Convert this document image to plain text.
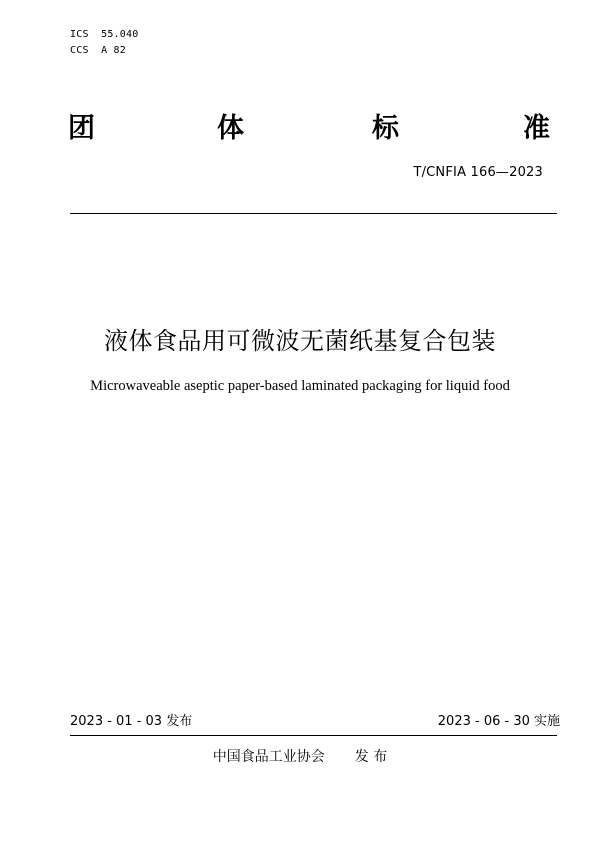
ICS  55.040
CCS  A 82
团	体	标	准
T/CNFIA 166—2023
液体食品用可微波无菌纸基复合包装
Microwaveable aseptic paper-based laminated packaging for liquid food
2023 - 01 - 03 发布	2023 - 06 - 30 实施
中国食品工业协会 发 布
